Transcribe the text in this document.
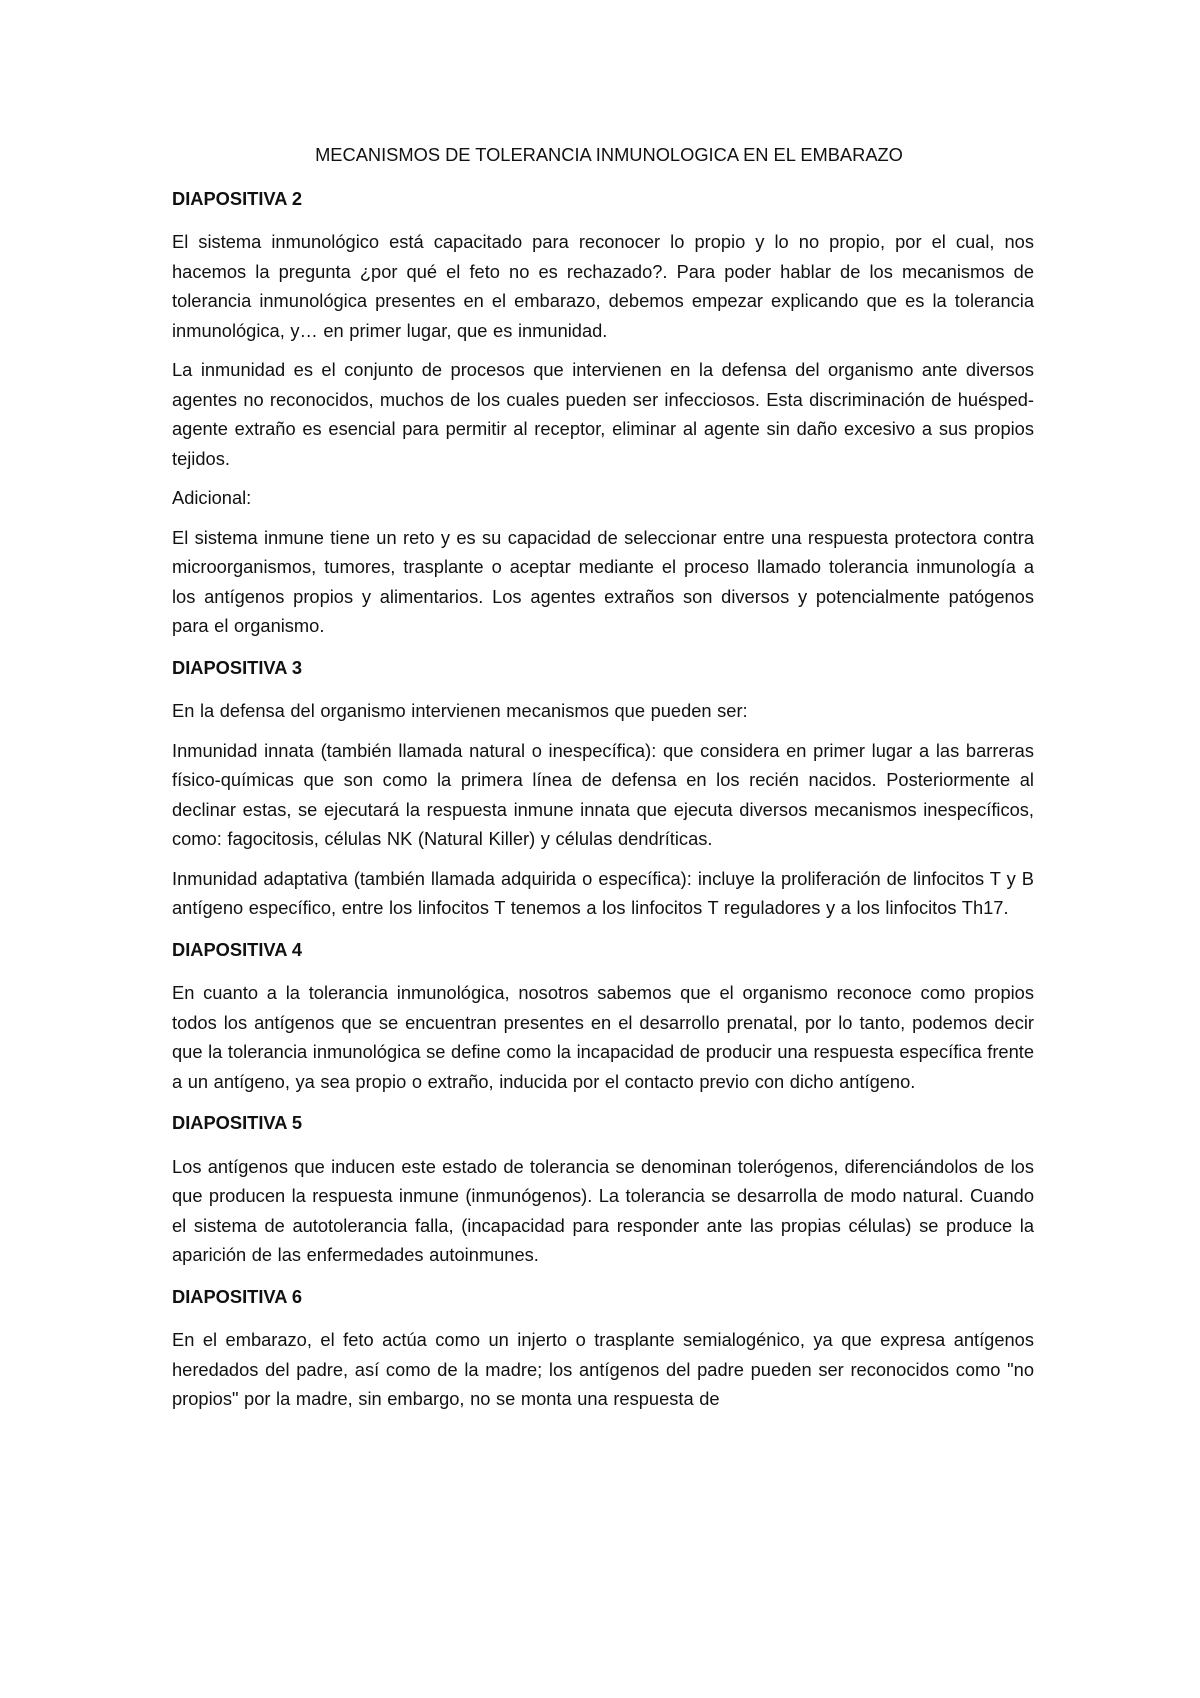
MECANISMOS DE TOLERANCIA INMUNOLOGICA EN EL EMBARAZO
DIAPOSITIVA 2

El sistema inmunológico está capacitado para reconocer lo propio y lo no propio, por el cual, nos hacemos la pregunta ¿por qué el feto no es rechazado?. Para poder hablar de los mecanismos de tolerancia inmunológica presentes en el embarazo, debemos empezar explicando que es la tolerancia inmunológica, y… en primer lugar, que es inmunidad.

La inmunidad es el conjunto de procesos que intervienen en la defensa del organismo ante diversos agentes no reconocidos, muchos de los cuales pueden ser infecciosos. Esta discriminación de huésped-agente extraño es esencial para permitir al receptor, eliminar al agente sin daño excesivo a sus propios tejidos.

Adicional:

El sistema inmune tiene un reto y es su capacidad de seleccionar entre una respuesta protectora contra microorganismos, tumores, trasplante o aceptar mediante el proceso llamado tolerancia inmunología a los antígenos propios y alimentarios. Los agentes extraños son diversos y potencialmente patógenos para el organismo.

DIAPOSITIVA 3

En la defensa del organismo intervienen mecanismos que pueden ser:

Inmunidad innata (también llamada natural o inespecífica): que considera en primer lugar a las barreras físico-químicas que son como la primera línea de defensa en los recién nacidos. Posteriormente al declinar estas, se ejecutará la respuesta inmune innata que ejecuta diversos mecanismos inespecíficos, como: fagocitosis, células NK (Natural Killer) y células dendríticas.

Inmunidad adaptativa (también llamada adquirida o específica): incluye la proliferación de linfocitos T y B antígeno específico, entre los linfocitos T tenemos a los linfocitos T reguladores y a los linfocitos Th17.

DIAPOSITIVA 4

En cuanto a la tolerancia inmunológica, nosotros sabemos que el organismo reconoce como propios todos los antígenos que se encuentran presentes en el desarrollo prenatal, por lo tanto, podemos decir que la tolerancia inmunológica se define como la incapacidad de producir una respuesta específica frente a un antígeno, ya sea propio o extraño, inducida por el contacto previo con dicho antígeno.

DIAPOSITIVA 5

Los antígenos que inducen este estado de tolerancia se denominan tolerógenos, diferenciándolos de los que producen la respuesta inmune (inmunógenos). La tolerancia se desarrolla de modo natural. Cuando el sistema de autotolerancia falla, (incapacidad para responder ante las propias células) se produce la aparición de las enfermedades autoinmunes.

DIAPOSITIVA 6

En el embarazo, el feto actúa como un injerto o trasplante semialogénico, ya que expresa antígenos heredados del padre, así como de la madre; los antígenos del padre pueden ser reconocidos como "no propios" por la madre, sin embargo, no se monta una respuesta de
